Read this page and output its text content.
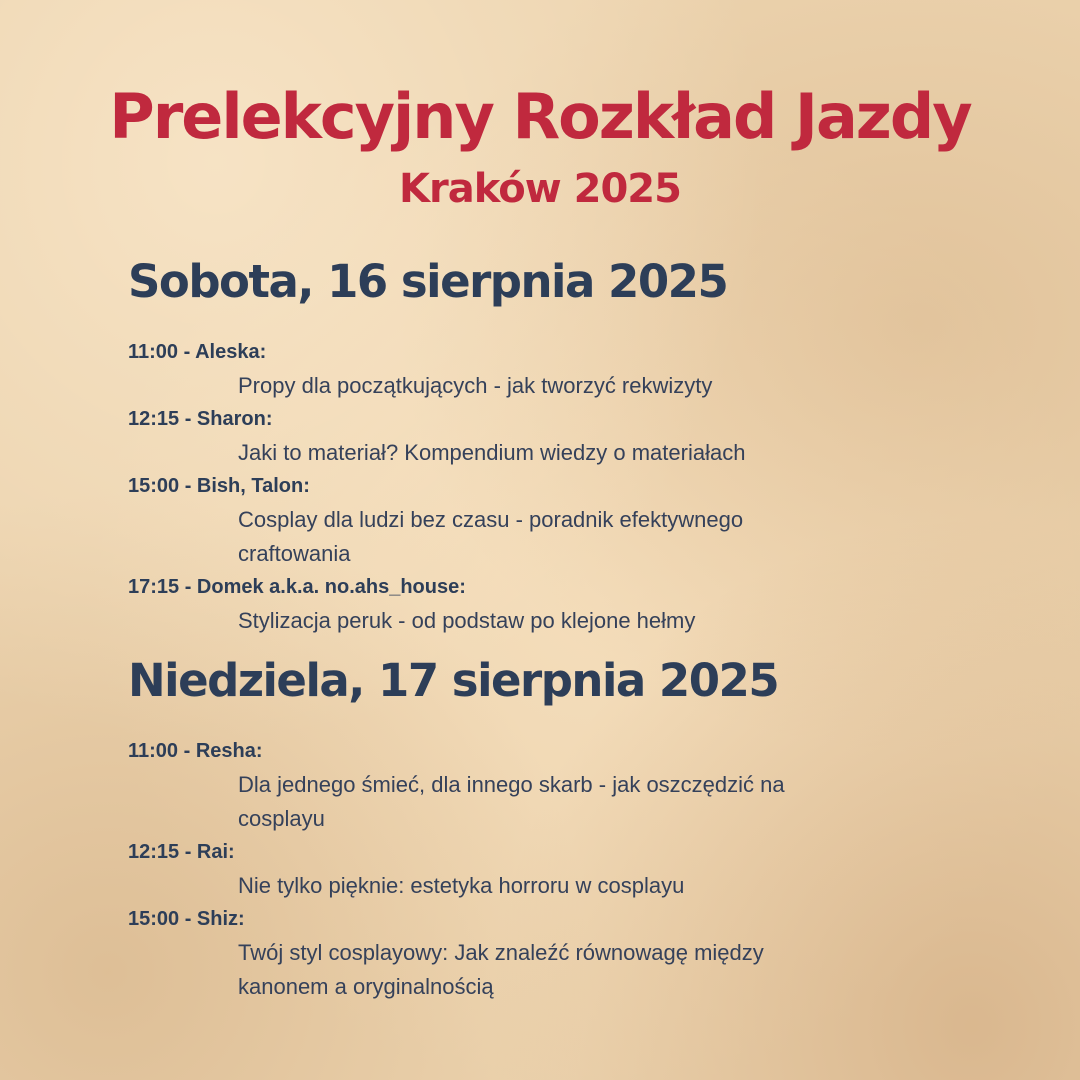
Prelekcyjny Rozkład Jazdy
Kraków 2025
Sobota, 16 sierpnia 2025
11:00 - Aleska:
Propy dla początkujących - jak tworzyć rekwizyty
12:15 - Sharon:
Jaki to materiał? Kompendium wiedzy o materiałach
15:00 - Bish, Talon:
Cosplay dla ludzi bez czasu - poradnik efektywnego craftowania
17:15 - Domek a.k.a. no.ahs_house:
Stylizacja peruk - od podstaw po klejone hełmy
Niedziela, 17 sierpnia 2025
11:00 - Resha:
Dla jednego śmieć, dla innego skarb - jak oszczędzić na cosplayu
12:15 - Rai:
Nie tylko pięknie: estetyka horroru w cosplayu
15:00 - Shiz:
Twój styl cosplayowy: Jak znaleźć równowagę między kanonem a oryginalnością
